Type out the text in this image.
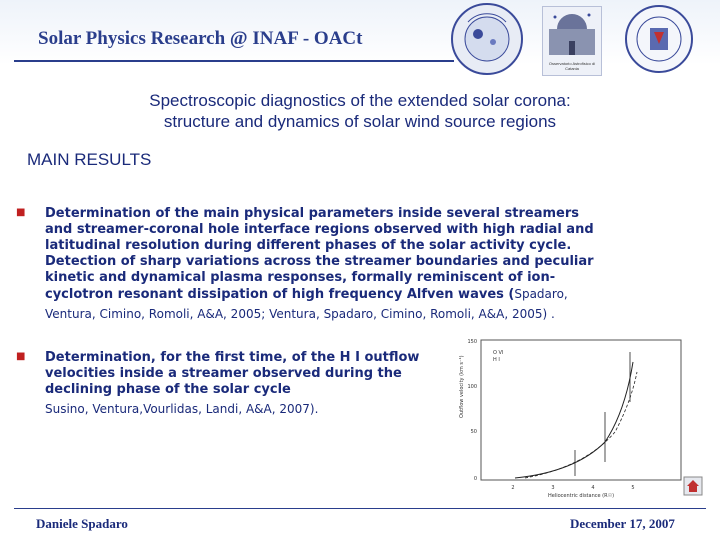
Solar Physics Research @ INAF - OACt
Osservatorio Astrofisico di Catania
Spectroscopic diagnostics of the extended solar corona:
structure and dynamics of solar wind source regions
MAIN RESULTS
■ Determination of the main physical parameters inside several streamers
and streamer-coronal hole interface regions observed with high radial and
latitudinal resolution during different phases of the solar activity cycle.
Detection of sharp variations across the streamer boundaries and peculiar
kinetic and dynamical plasma responses, formally reminiscent of ion-
cyclotron resonant dissipation of high frequency Alfven waves (Spadaro,
Ventura, Cimino, Romoli, A&A, 2005; Ventura, Spadaro, Cimino, Romoli, A&A, 2005) .
■ Determination, for the first time, of the H I outflow
velocities inside a streamer observed during the
declining phase of the solar cycle
Susino, Ventura,Vourlidas, Landi, A&A, 2007).	Outflow velocity (km s⁻¹)
Heliocentric distance (R☉)
150
100
50
0
2	3	4	5
O VI
H I
Daniele Spadaro	December 17, 2007
